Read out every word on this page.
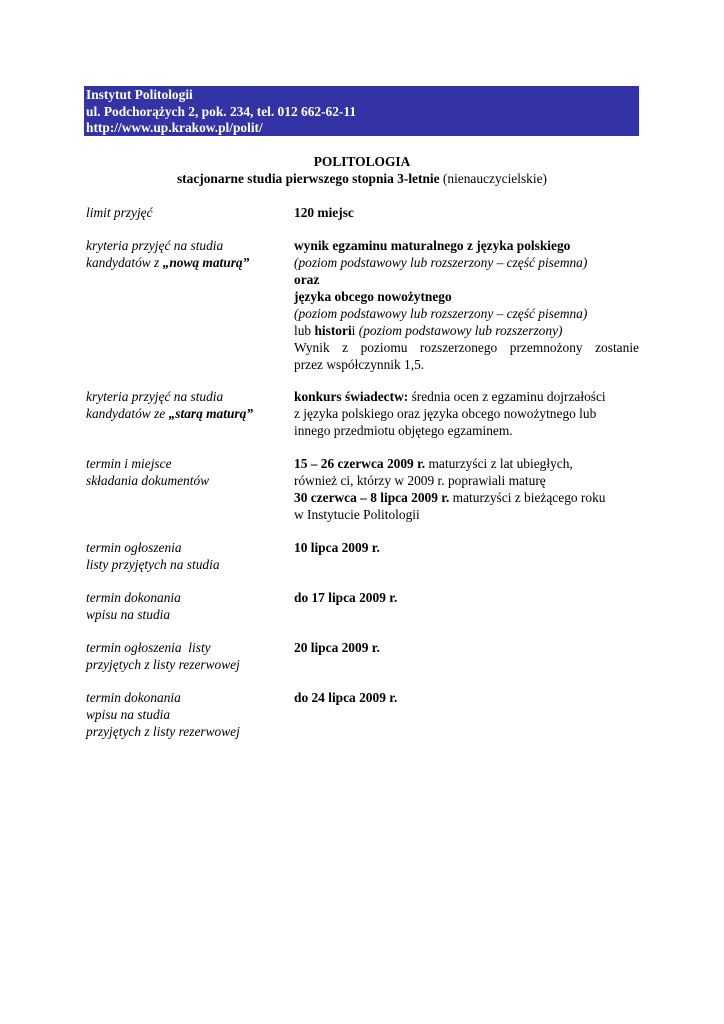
Instytut Politologii
ul. Podchorążych 2, pok. 234, tel. 012 662-62-11
http://www.up.krakow.pl/polit/
POLITOLOGIA
stacjonarne studia pierwszego stopnia 3-letnie (nienauczycielskie)
limit przyjęć	120 miejsc
kryteria przyjęć na studia
kandydatów z „nową maturą”
wynik egzaminu maturalnego z języka polskiego
(poziom podstawowy lub rozszerzony – część pisemna)
oraz
języka obcego nowożytnego
(poziom podstawowy lub rozszerzony – część pisemna)
lub historii (poziom podstawowy lub rozszerzony)
Wynik z poziomu rozszerzonego przemnożony zostanie
przez współczynnik 1,5.
kryteria przyjęć na studia
kandydatów ze „starą maturą”
konkurs świadectw: średnia ocen z egzaminu dojrzałości
z języka polskiego oraz języka obcego nowożytnego lub
innego przedmiotu objętego egzaminem.
termin i miejsce
składania dokumentów
15 – 26 czerwca 2009 r. maturzyści z lat ubiegłych,
również ci, którzy w 2009 r. poprawiali maturę
30 czerwca – 8 lipca 2009 r. maturzyści z bieżącego roku
w Instytucie Politologii
termin ogłoszenia
listy przyjętych na studia
10 lipca 2009 r.
termin dokonania
wpisu na studia
do 17 lipca 2009 r.
termin ogłoszenia  listy
przyjętych z listy rezerwowej
20 lipca 2009 r.
termin dokonania
wpisu na studia
przyjętych z listy rezerwowej
do 24 lipca 2009 r.
